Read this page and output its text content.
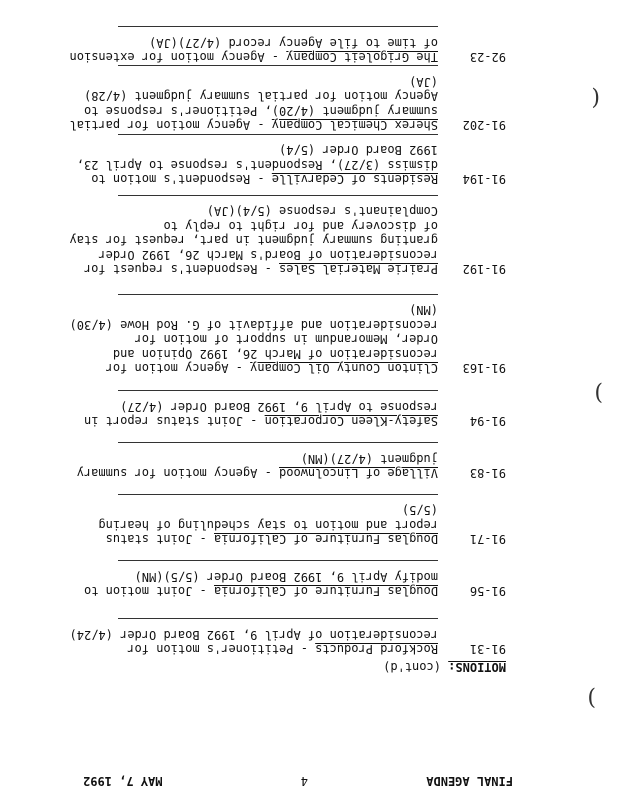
FINAL AGENDA
4
MAY 7, 1992
MOTIONS: (cont'd)
91-31
Rockford Products - Petitioner's motion for
reconsideration of April 9, 1992 Board Order (4/24)
91-56
Douglas Furniture of California - Joint motion to
modify April 9, 1992 Board Order (5/5)(MN)
91-71
Douglas Furniture of California - Joint status
report and motion to stay scheduling of hearing
(5/5)
91-83
Village of Lincolnwood - Agency motion for summary
judgment (4/27)(MN)
91-94
Safety-Kleen Corporation - Joint status report in
response to April 9, 1992 Board Order (4/27)
91-163
Clinton County Oil Company - Agency motion for
reconsideration of March 26, 1992 Opinion and
Order, Memorandum in support of motion for
reconsideration and affidavit of G. Rod Howe (4/30)
(MN)
91-192
Prairie Material Sales - Respondent's request for
reconsideration of Board's March 26, 1992 Order
granting summary judgment in part, request for stay
of discovery and for right to reply to
Complainant's response (5/4)(JA)
91-194
Residents of Cedarville - Respondent's motion to
dismiss (3/27), Respondent's response to April 23,
1992 Board Order (5/4)
91-202
Sherex Chemical Company - Agency motion for partial
summary judgment (4/20), Petitioner's response to
Agency motion for partial summary judgment (4/28)
(JA)
92-23
The Grigoleit Company - Agency motion for extension
of time to file Agency record (4/27)(JA)
(
)
)
